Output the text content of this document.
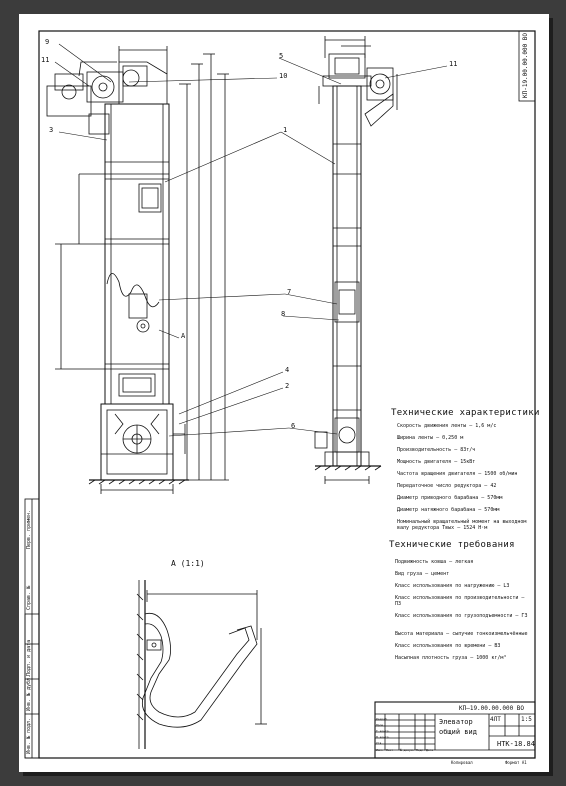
КП-19.00.00.000 ВО
9
11
3
5
10
11
1
7
8
4
2
6
А
А (1:1)
Технические характеристики
Скорость движения ленты – 1,6 м/с
Ширина ленты – 0,250 м
Производительность – 83т/ч
Мощность двигателя – 15кВт
Частота вращения двигателя – 1500 об/мин
Передаточное число редуктора – 42
Диаметр приводного барабана – 570мм
Диаметр натяжного барабана – 570мм
Номинальный вращательный момент на выходном валу редуктора Твых – 1524 Н·м
Технические требования
Подвижность ковша – легкая
Вид груза – цемент
Класс использования по нагружению – L3
Класс использования по производительности – П3
Класс использования по грузоподъемности – Г3
Высота материала – сыпучие тонкоизмельчённые
Класс использования по времени – В3
Насыпная плотность груза – 1000 кг/м³
КП–19.00.00.000 ВО
Элеватор
общий вид
4ЛТ	1:5
НТК-18.84
Копировал	Формат А1
Изм. Лист № докум. Подп. Дата
Разраб.
Пров.
Т.контр.
Н.контр.
Утв.
Перв. примен.
Справ. №
Подп. и дата
Инв. № дубл.
Инв. № подл.
